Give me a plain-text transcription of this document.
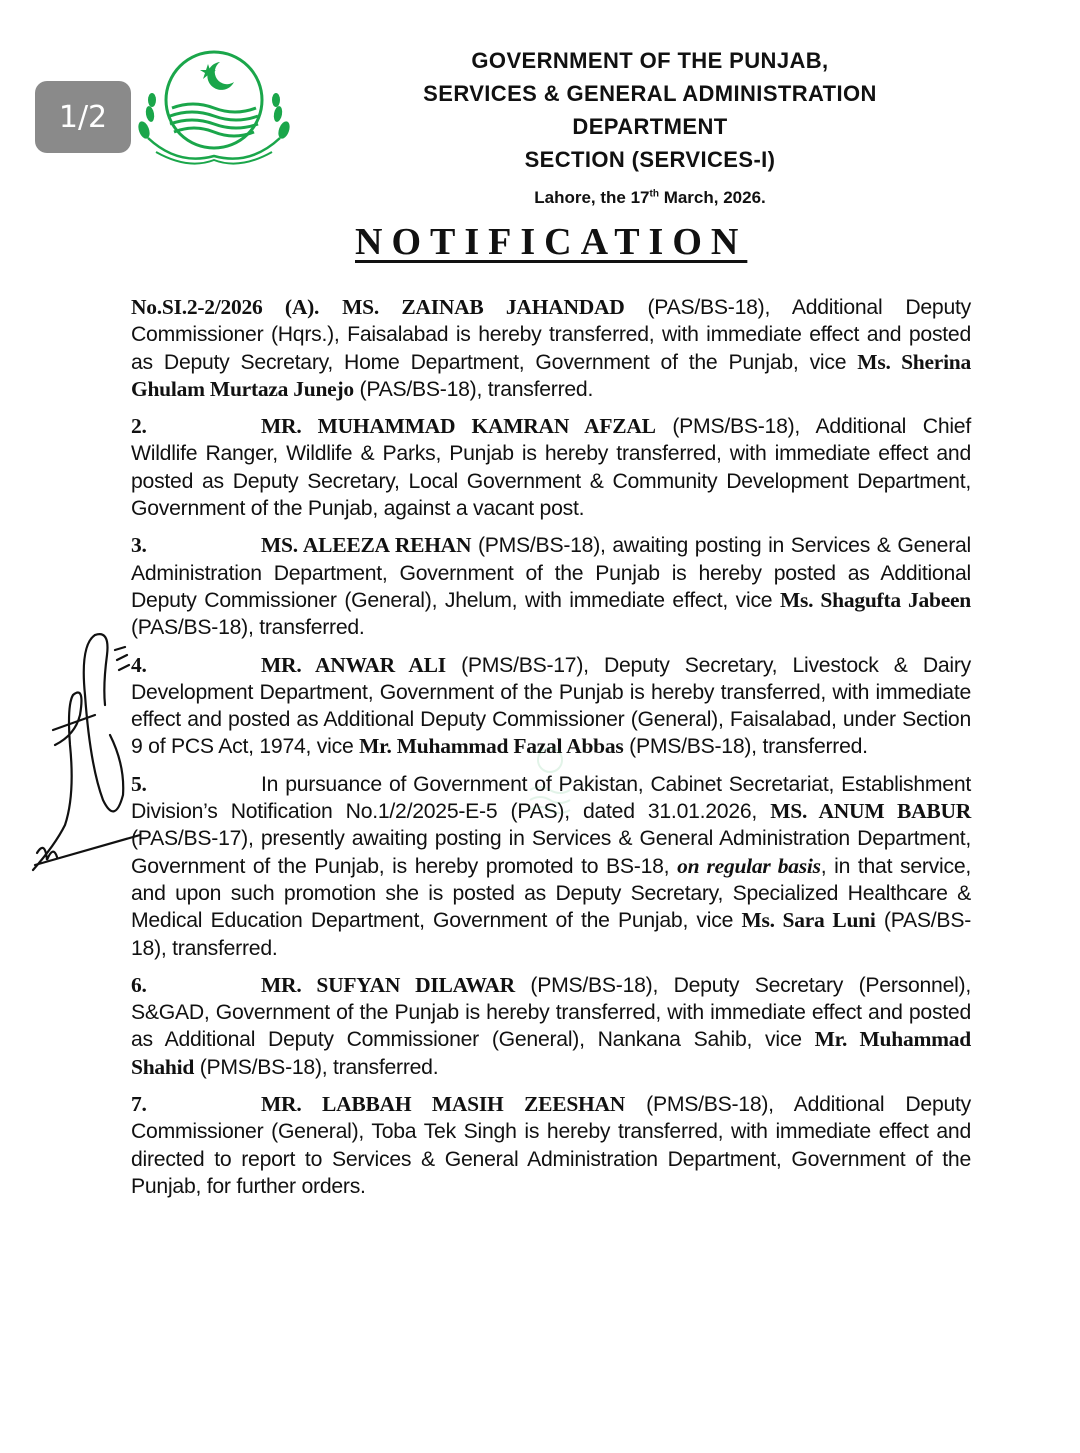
1/2
GOVERNMENT OF THE PUNJAB,
SERVICES & GENERAL ADMINISTRATION
DEPARTMENT
SECTION (SERVICES-I)
Lahore, the 17th March, 2026.
NOTIFICATION

No.SI.2-2/2026 (A). MS. ZAINAB JAHANDAD (PAS/BS-18), Additional Deputy Commissioner (Hqrs.), Faisalabad is hereby transferred, with immediate effect and posted as Deputy Secretary, Home Department, Government of the Punjab, vice Ms. Sherina Ghulam Murtaza Junejo (PAS/BS-18), transferred.

2.	MR. MUHAMMAD KAMRAN AFZAL (PMS/BS-18), Additional Chief Wildlife Ranger, Wildlife & Parks, Punjab is hereby transferred, with immediate effect and posted as Deputy Secretary, Local Government & Community Development Department, Government of the Punjab, against a vacant post.

3.	MS. ALEEZA REHAN (PMS/BS-18), awaiting posting in Services & General Administration Department, Government of the Punjab is hereby posted as Additional Deputy Commissioner (General), Jhelum, with immediate effect, vice Ms. Shagufta Jabeen (PAS/BS-18), transferred.

4.	MR. ANWAR ALI (PMS/BS-17), Deputy Secretary, Livestock & Dairy Development Department, Government of the Punjab is hereby transferred, with immediate effect and posted as Additional Deputy Commissioner (General), Faisalabad, under Section 9 of PCS Act, 1974, vice Mr. Muhammad Fazal Abbas (PMS/BS-18), transferred.

5.	In pursuance of Government of Pakistan, Cabinet Secretariat, Establishment Division’s Notification No.1/2/2025-E-5 (PAS), dated 31.01.2026, MS. ANUM BABUR (PAS/BS-17), presently awaiting posting in Services & General Administration Department, Government of the Punjab, is hereby promoted to BS-18, on regular basis, in that service, and upon such promotion she is posted as Deputy Secretary, Specialized Healthcare & Medical Education Department, Government of the Punjab, vice Ms. Sara Luni (PAS/BS-18), transferred.

6.	MR. SUFYAN DILAWAR (PMS/BS-18), Deputy Secretary (Personnel), S&GAD, Government of the Punjab is hereby transferred, with immediate effect and posted as Additional Deputy Commissioner (General), Nankana Sahib, vice Mr. Muhammad Shahid (PMS/BS-18), transferred.

7.	MR. LABBAH MASIH ZEESHAN (PMS/BS-18), Additional Deputy Commissioner (General), Toba Tek Singh is hereby transferred, with immediate effect and directed to report to Services & General Administration Department, Government of the Punjab, for further orders.
